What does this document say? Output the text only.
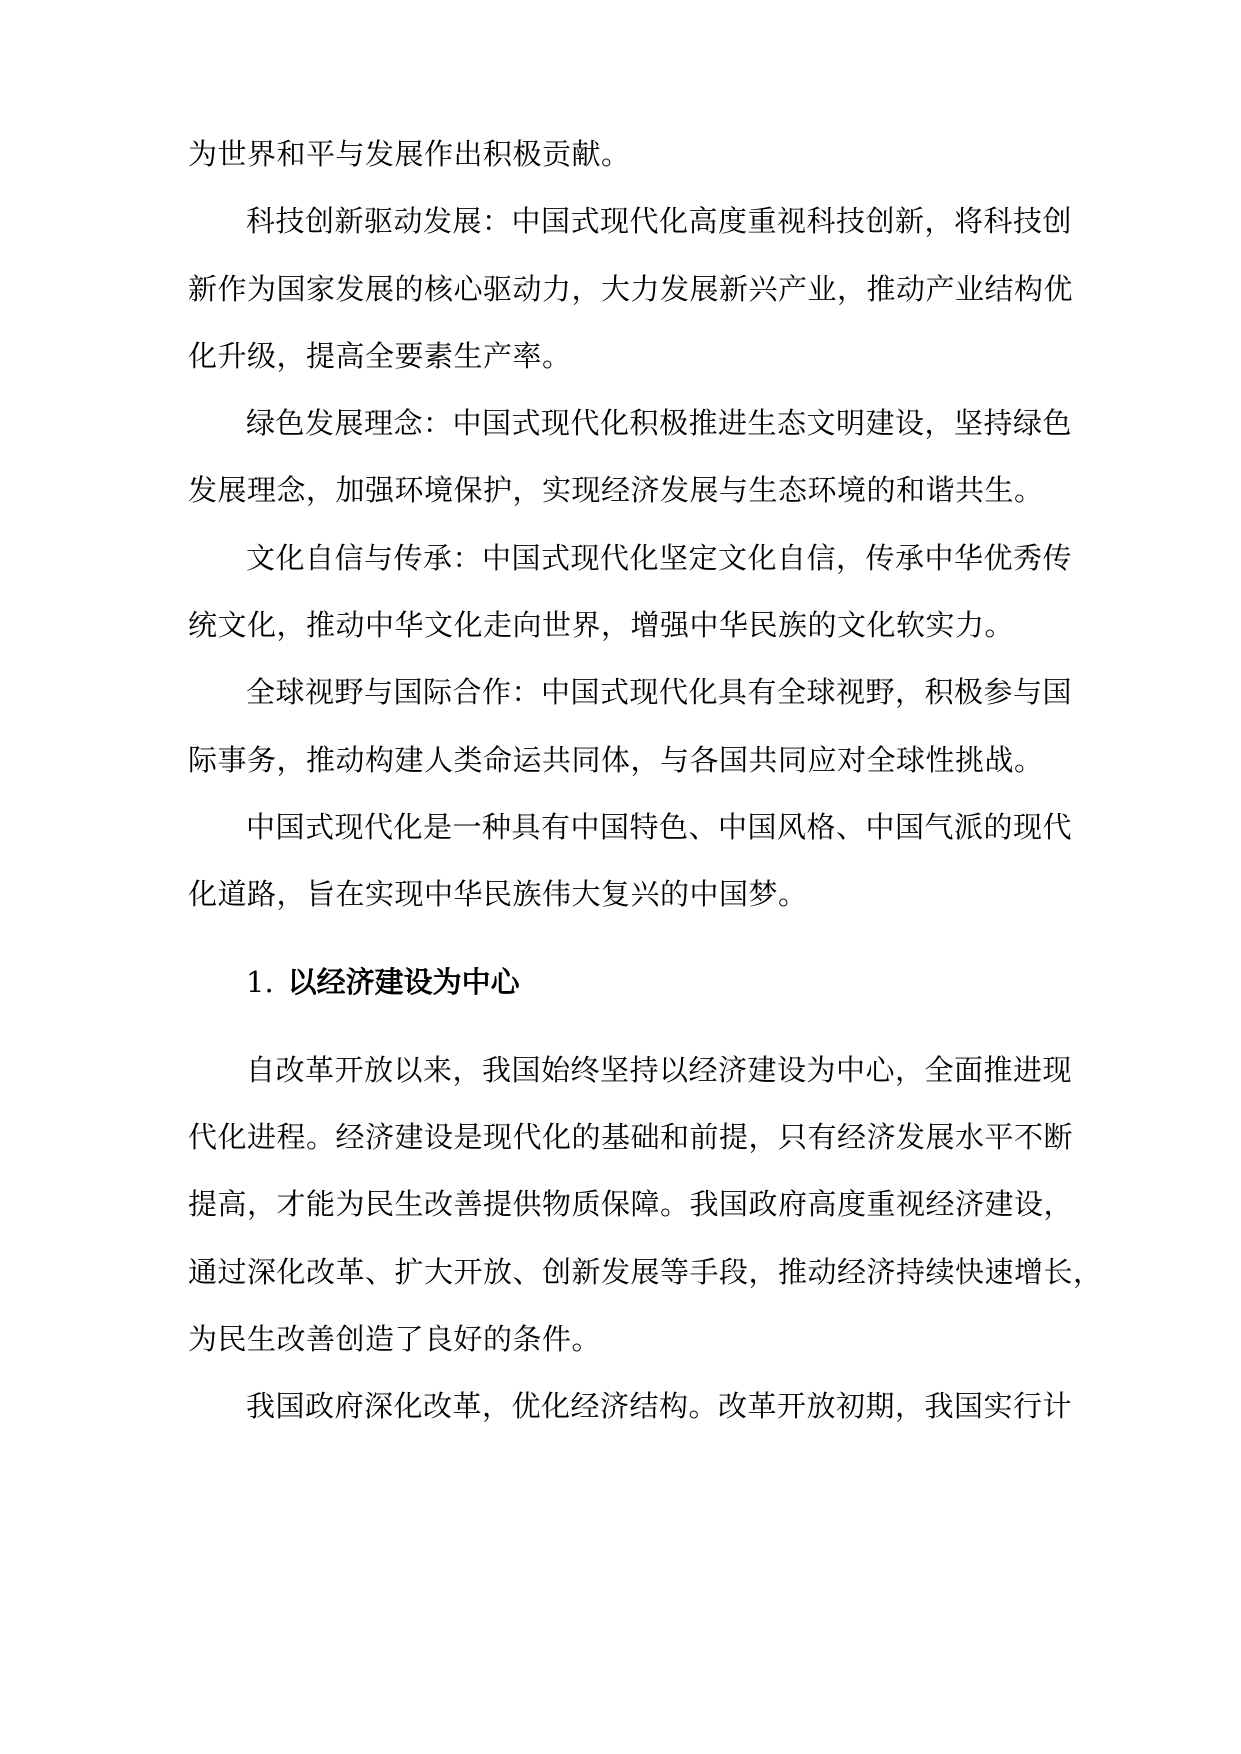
为世界和平与发展作出积极贡献。
科技创新驱动发展：中国式现代化高度重视科技创新，将科技创
新作为国家发展的核心驱动力，大力发展新兴产业，推动产业结构优
化升级，提高全要素生产率。
绿色发展理念：中国式现代化积极推进生态文明建设，坚持绿色
发展理念，加强环境保护，实现经济发展与生态环境的和谐共生。
文化自信与传承：中国式现代化坚定文化自信，传承中华优秀传
统文化，推动中华文化走向世界，增强中华民族的文化软实力。
全球视野与国际合作：中国式现代化具有全球视野，积极参与国
际事务，推动构建人类命运共同体，与各国共同应对全球性挑战。
中国式现代化是一种具有中国特色、中国风格、中国气派的现代
化道路，旨在实现中华民族伟大复兴的中国梦。
1. 以经济建设为中心
自改革开放以来，我国始终坚持以经济建设为中心，全面推进现
代化进程。经济建设是现代化的基础和前提，只有经济发展水平不断
提高，才能为民生改善提供物质保障。我国政府高度重视经济建设，
通过深化改革、扩大开放、创新发展等手段，推动经济持续快速增长，
为民生改善创造了良好的条件。
我国政府深化改革，优化经济结构。改革开放初期，我国实行计
